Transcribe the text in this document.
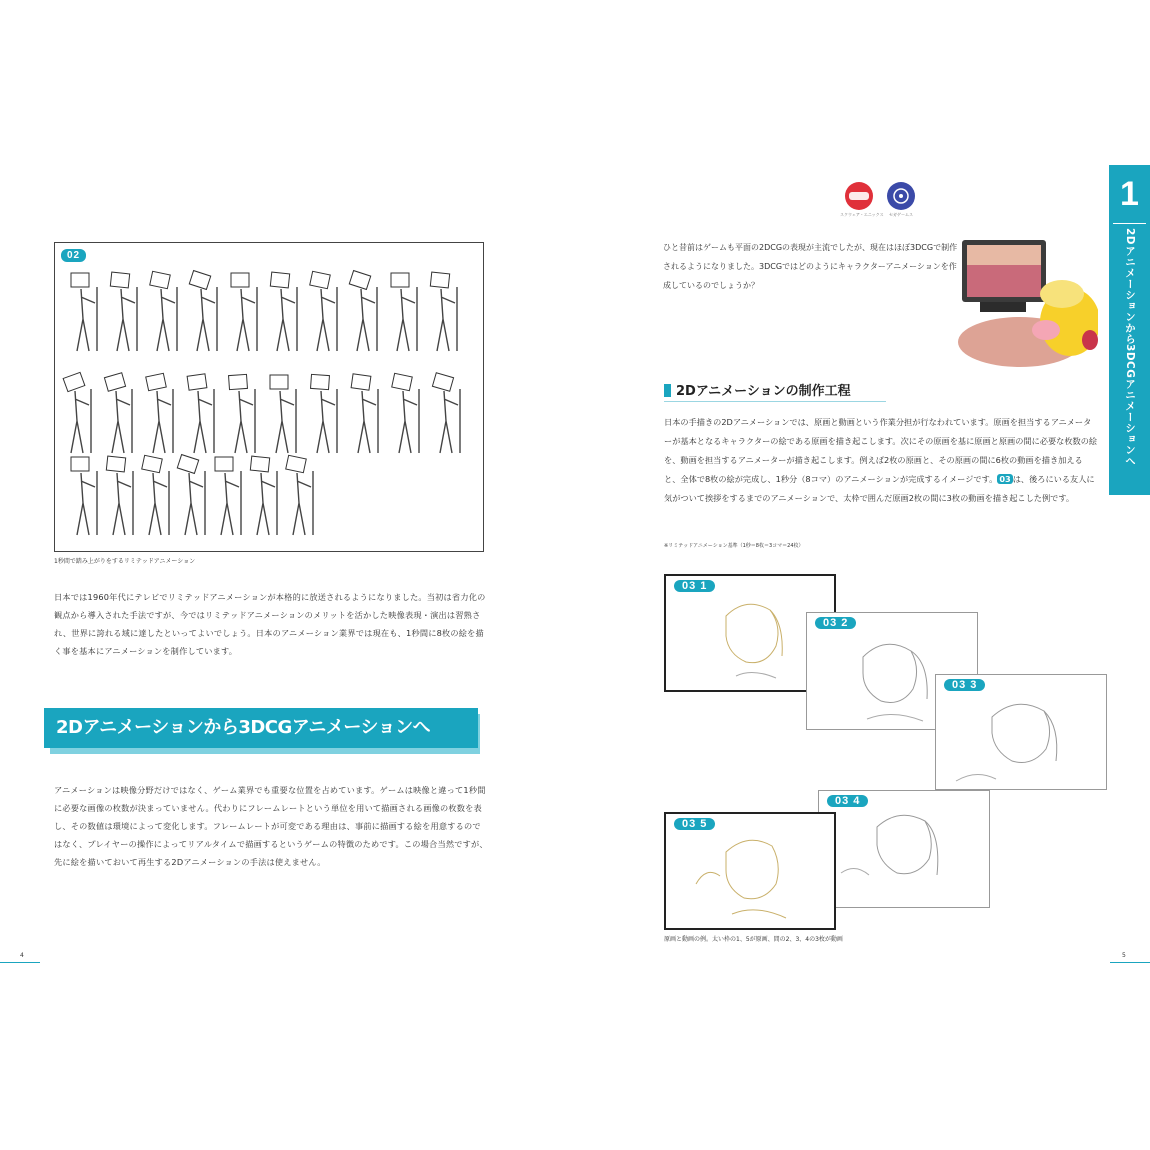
02
1秒間で踏み上がりをするリミテッドアニメーション
日本では1960年代にテレビでリミテッドアニメーションが本格的に放送されるようになりました。当初は省力化の観点から導入された手法ですが、今ではリミテッドアニメーションのメリットを活かした映像表現・演出は習熟され、世界に誇れる域に達したといってよいでしょう。日本のアニメーション業界では現在も、1秒間に8枚の絵を描く事を基本にアニメーションを制作しています。
2Dアニメーションから3DCGアニメーションへ
アニメーションは映像分野だけではなく、ゲーム業界でも重要な位置を占めています。ゲームは映像と違って1秒間に必要な画像の枚数が決まっていません。代わりにフレームレートという単位を用いて描画される画像の枚数を表し、その数値は環境によって変化します。フレームレートが可変である理由は、事前に描画する絵を用意するのではなく、プレイヤーの操作によってリアルタイムで描画するというゲームの特徴のためです。この場合当然ですが、先に絵を描いておいて再生する2Dアニメーションの手法は使えません。
4
スクウェア・エニックス セガゲームス
ひと昔前はゲームも平面の2DCGの表現が主流でしたが、現在はほぼ3DCGで制作されるようになりました。3DCGではどのようにキャラクターアニメーションを作成しているのでしょうか？
2Dアニメーションの制作工程
日本の手描きの2Dアニメーションでは、原画と動画という作業分担が行なわれています。原画を担当するアニメーターが基本となるキャラクターの絵である原画を描き起こします。次にその原画を基に原画と原画の間に必要な枚数の絵を、動画を担当するアニメーターが描き起こします。例えば2枚の原画と、その原画の間に6枚の動画を描き加えると、全体で8枚の絵が完成し、1秒分（8コマ）のアニメーションが完成するイメージです。 03 は、後ろにいる友人に気がついて挨拶をするまでのアニメーションで、太枠で囲んだ原画2枚の間に3枚の動画を描き起こした例です。
※リミテッドアニメーション基準（1秒＝8枚＝3コマ＝24枚）
03 1
03 2
03 3
03 4
03 5
原画と動画の例。太い枠の1、5が原画、間の2、3、4の3枚が動画
1
2Dアニメーションから3DCGアニメーションへ
5
